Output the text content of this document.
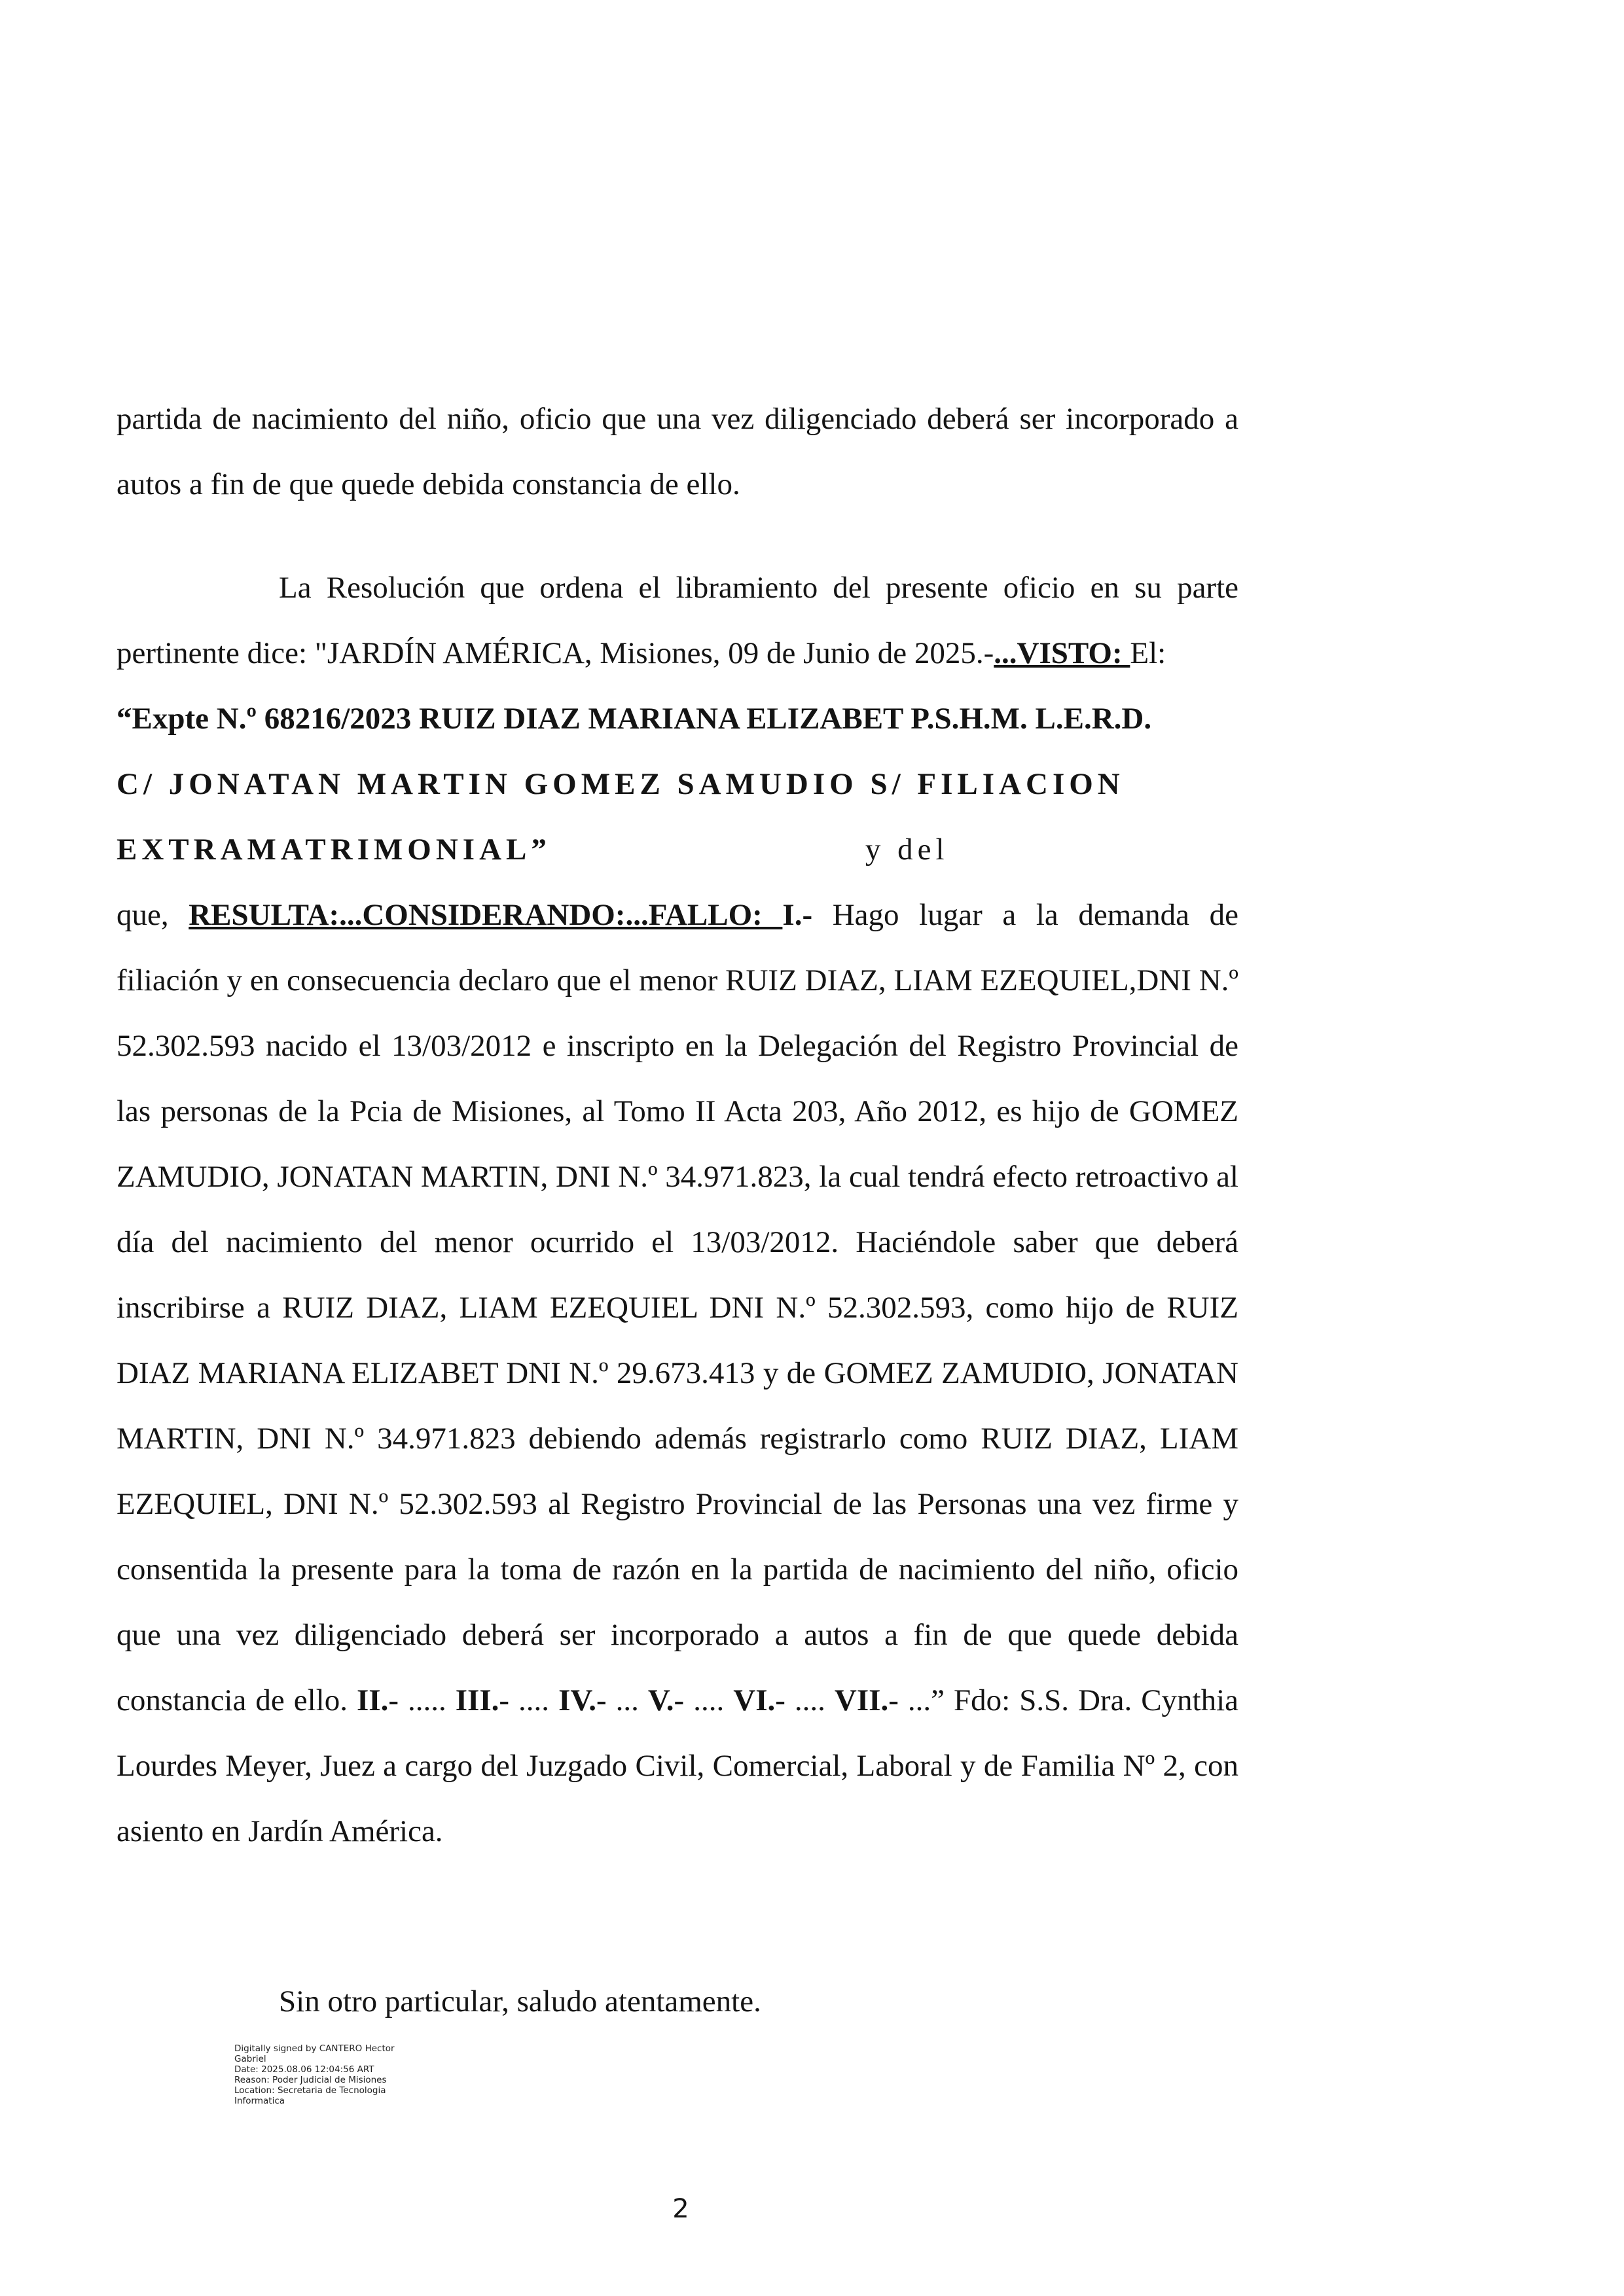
partida de nacimiento del niño, oficio que una vez diligenciado deberá ser incorporado a autos a fin de que quede debida constancia de ello.

La Resolución que ordena el libramiento del presente oficio en su parte pertinente dice: "JARDÍN AMÉRICA, Misiones, 09 de Junio de 2025.-...VISTO: El:
“Expte N.º 68216/2023 RUIZ DIAZ MARIANA ELIZABET P.S.H.M. L.E.R.D.
C/ JONATAN MARTIN GOMEZ SAMUDIO S/ FILIACION
EXTRAMATRIMONIAL”	y del
que, RESULTA:...CONSIDERANDO:...FALLO: I.- Hago lugar a la demanda de filiación y en consecuencia declaro que el menor RUIZ DIAZ, LIAM EZEQUIEL,DNI N.º 52.302.593 nacido el 13/03/2012 e inscripto en la Delegación del Registro Provincial de las personas de la Pcia de Misiones, al Tomo II Acta 203, Año 2012, es hijo de GOMEZ ZAMUDIO, JONATAN MARTIN, DNI N.º 34.971.823, la cual tendrá efecto retroactivo al día del nacimiento del menor ocurrido el 13/03/2012. Haciéndole saber que deberá inscribirse a RUIZ DIAZ, LIAM EZEQUIEL DNI N.º 52.302.593, como hijo de RUIZ DIAZ MARIANA ELIZABET DNI N.º 29.673.413 y de GOMEZ ZAMUDIO, JONATAN MARTIN, DNI N.º 34.971.823 debiendo además registrarlo como RUIZ DIAZ, LIAM EZEQUIEL, DNI N.º 52.302.593 al Registro Provincial de las Personas una vez firme y consentida la presente para la toma de razón en la partida de nacimiento del niño, oficio que una vez diligenciado deberá ser incorporado a autos a fin de que quede debida constancia de ello. II.- ..... III.- .... IV.- ... V.- .... VI.- .... VII.- ...” Fdo: S.S. Dra. Cynthia Lourdes Meyer, Juez a cargo del Juzgado Civil, Comercial, Laboral y de Familia Nº 2, con asiento en Jardín América.

Sin otro particular, saludo atentamente.

Digitally signed by CANTERO Hector
Gabriel
Date: 2025.08.06 12:04:56 ART
Reason: Poder Judicial de Misiones
Location: Secretaria de Tecnologia
Informatica
2
